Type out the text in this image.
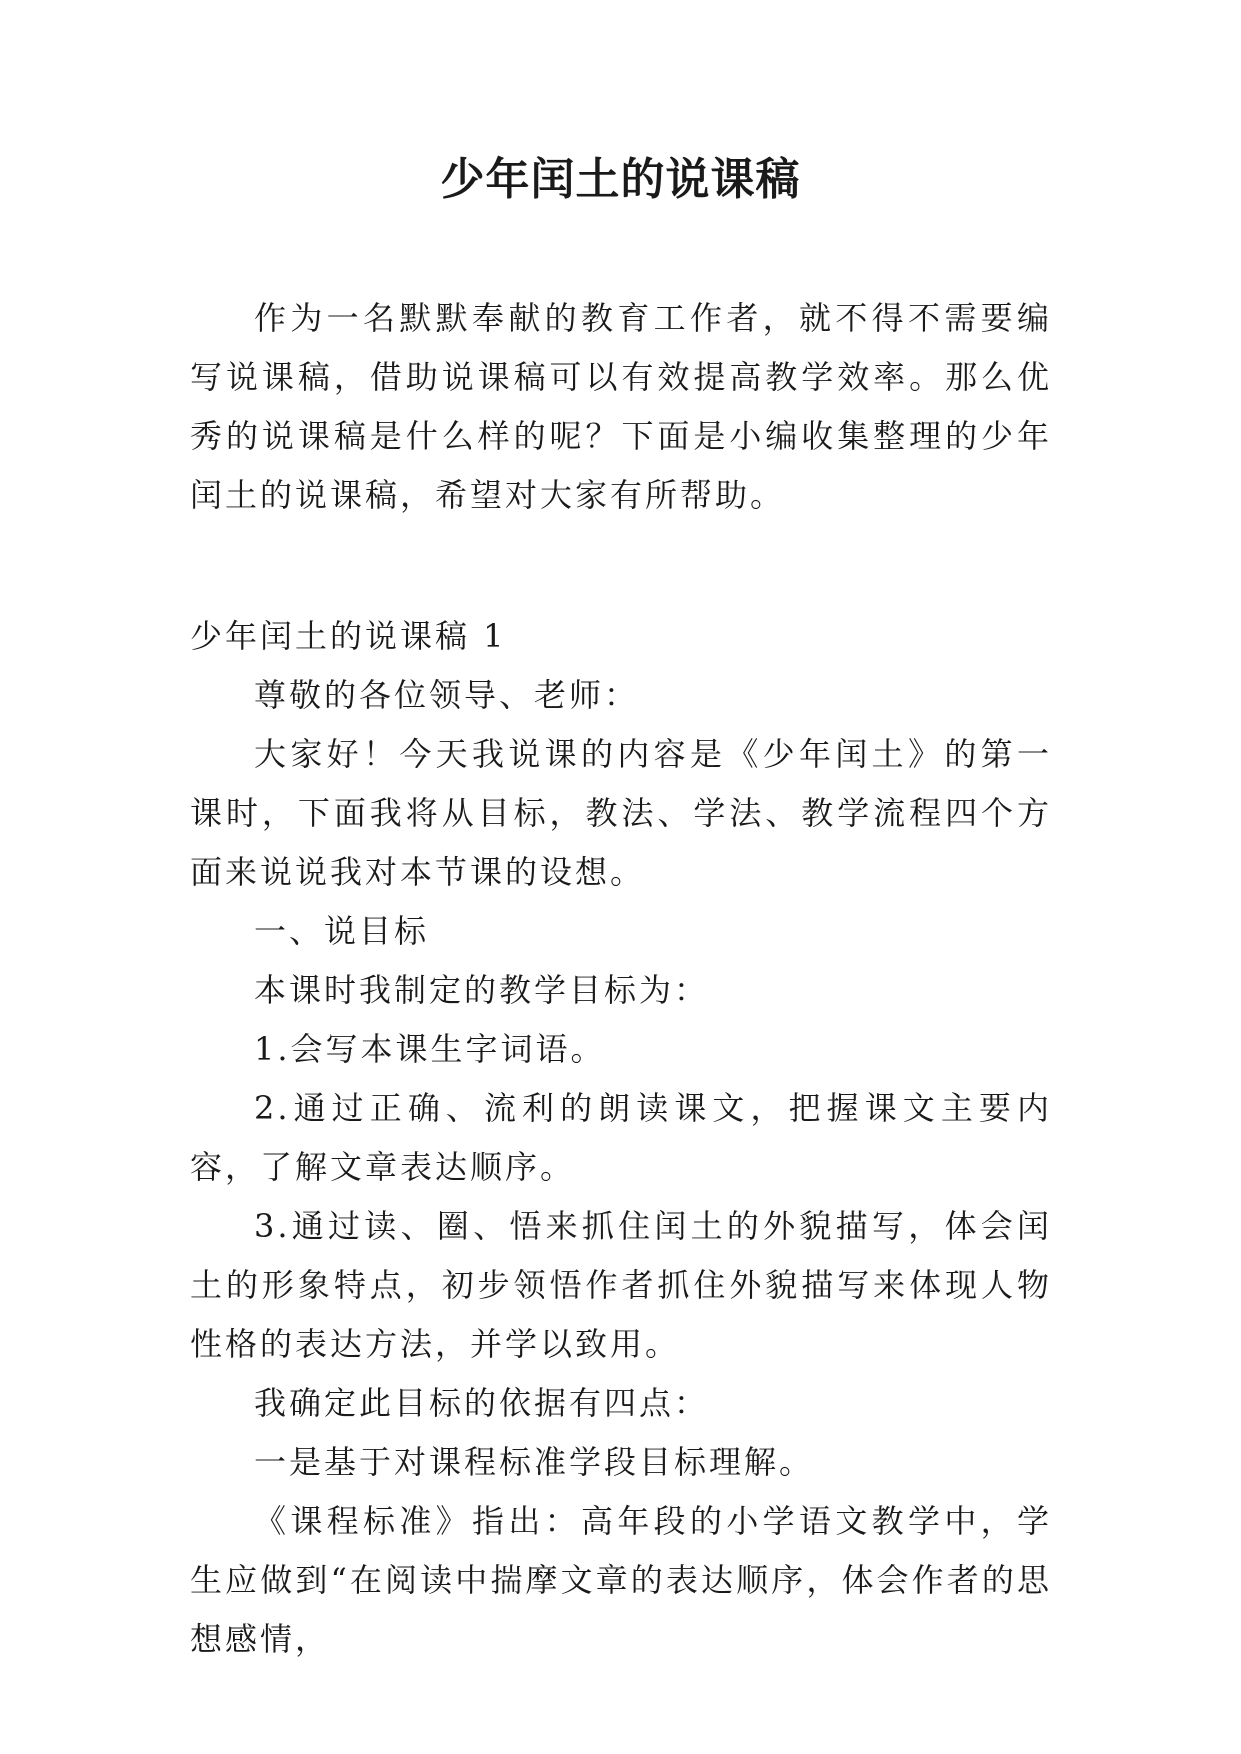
少年闰土的说课稿

作为一名默默奉献的教育工作者，就不得不需要编写说课稿，借助说课稿可以有效提高教学效率。那么优秀的说课稿是什么样的呢？下面是小编收集整理的少年闰土的说课稿，希望对大家有所帮助。

少年闰土的说课稿 1

尊敬的各位领导、老师：

大家好！今天我说课的内容是《少年闰土》的第一课时，下面我将从目标，教法、学法、教学流程四个方面来说说我对本节课的设想。

一、说目标

本课时我制定的教学目标为：

1.会写本课生字词语。

2.通过正确、流利的朗读课文，把握课文主要内容，了解文章表达顺序。

3.通过读、圈、悟来抓住闰土的外貌描写，体会闰土的形象特点，初步领悟作者抓住外貌描写来体现人物性格的表达方法，并学以致用。

我确定此目标的依据有四点：

一是基于对课程标准学段目标理解。

《课程标准》指出：高年段的小学语文教学中，学生应做到“在阅读中揣摩文章的表达顺序，体会作者的思想感情，
